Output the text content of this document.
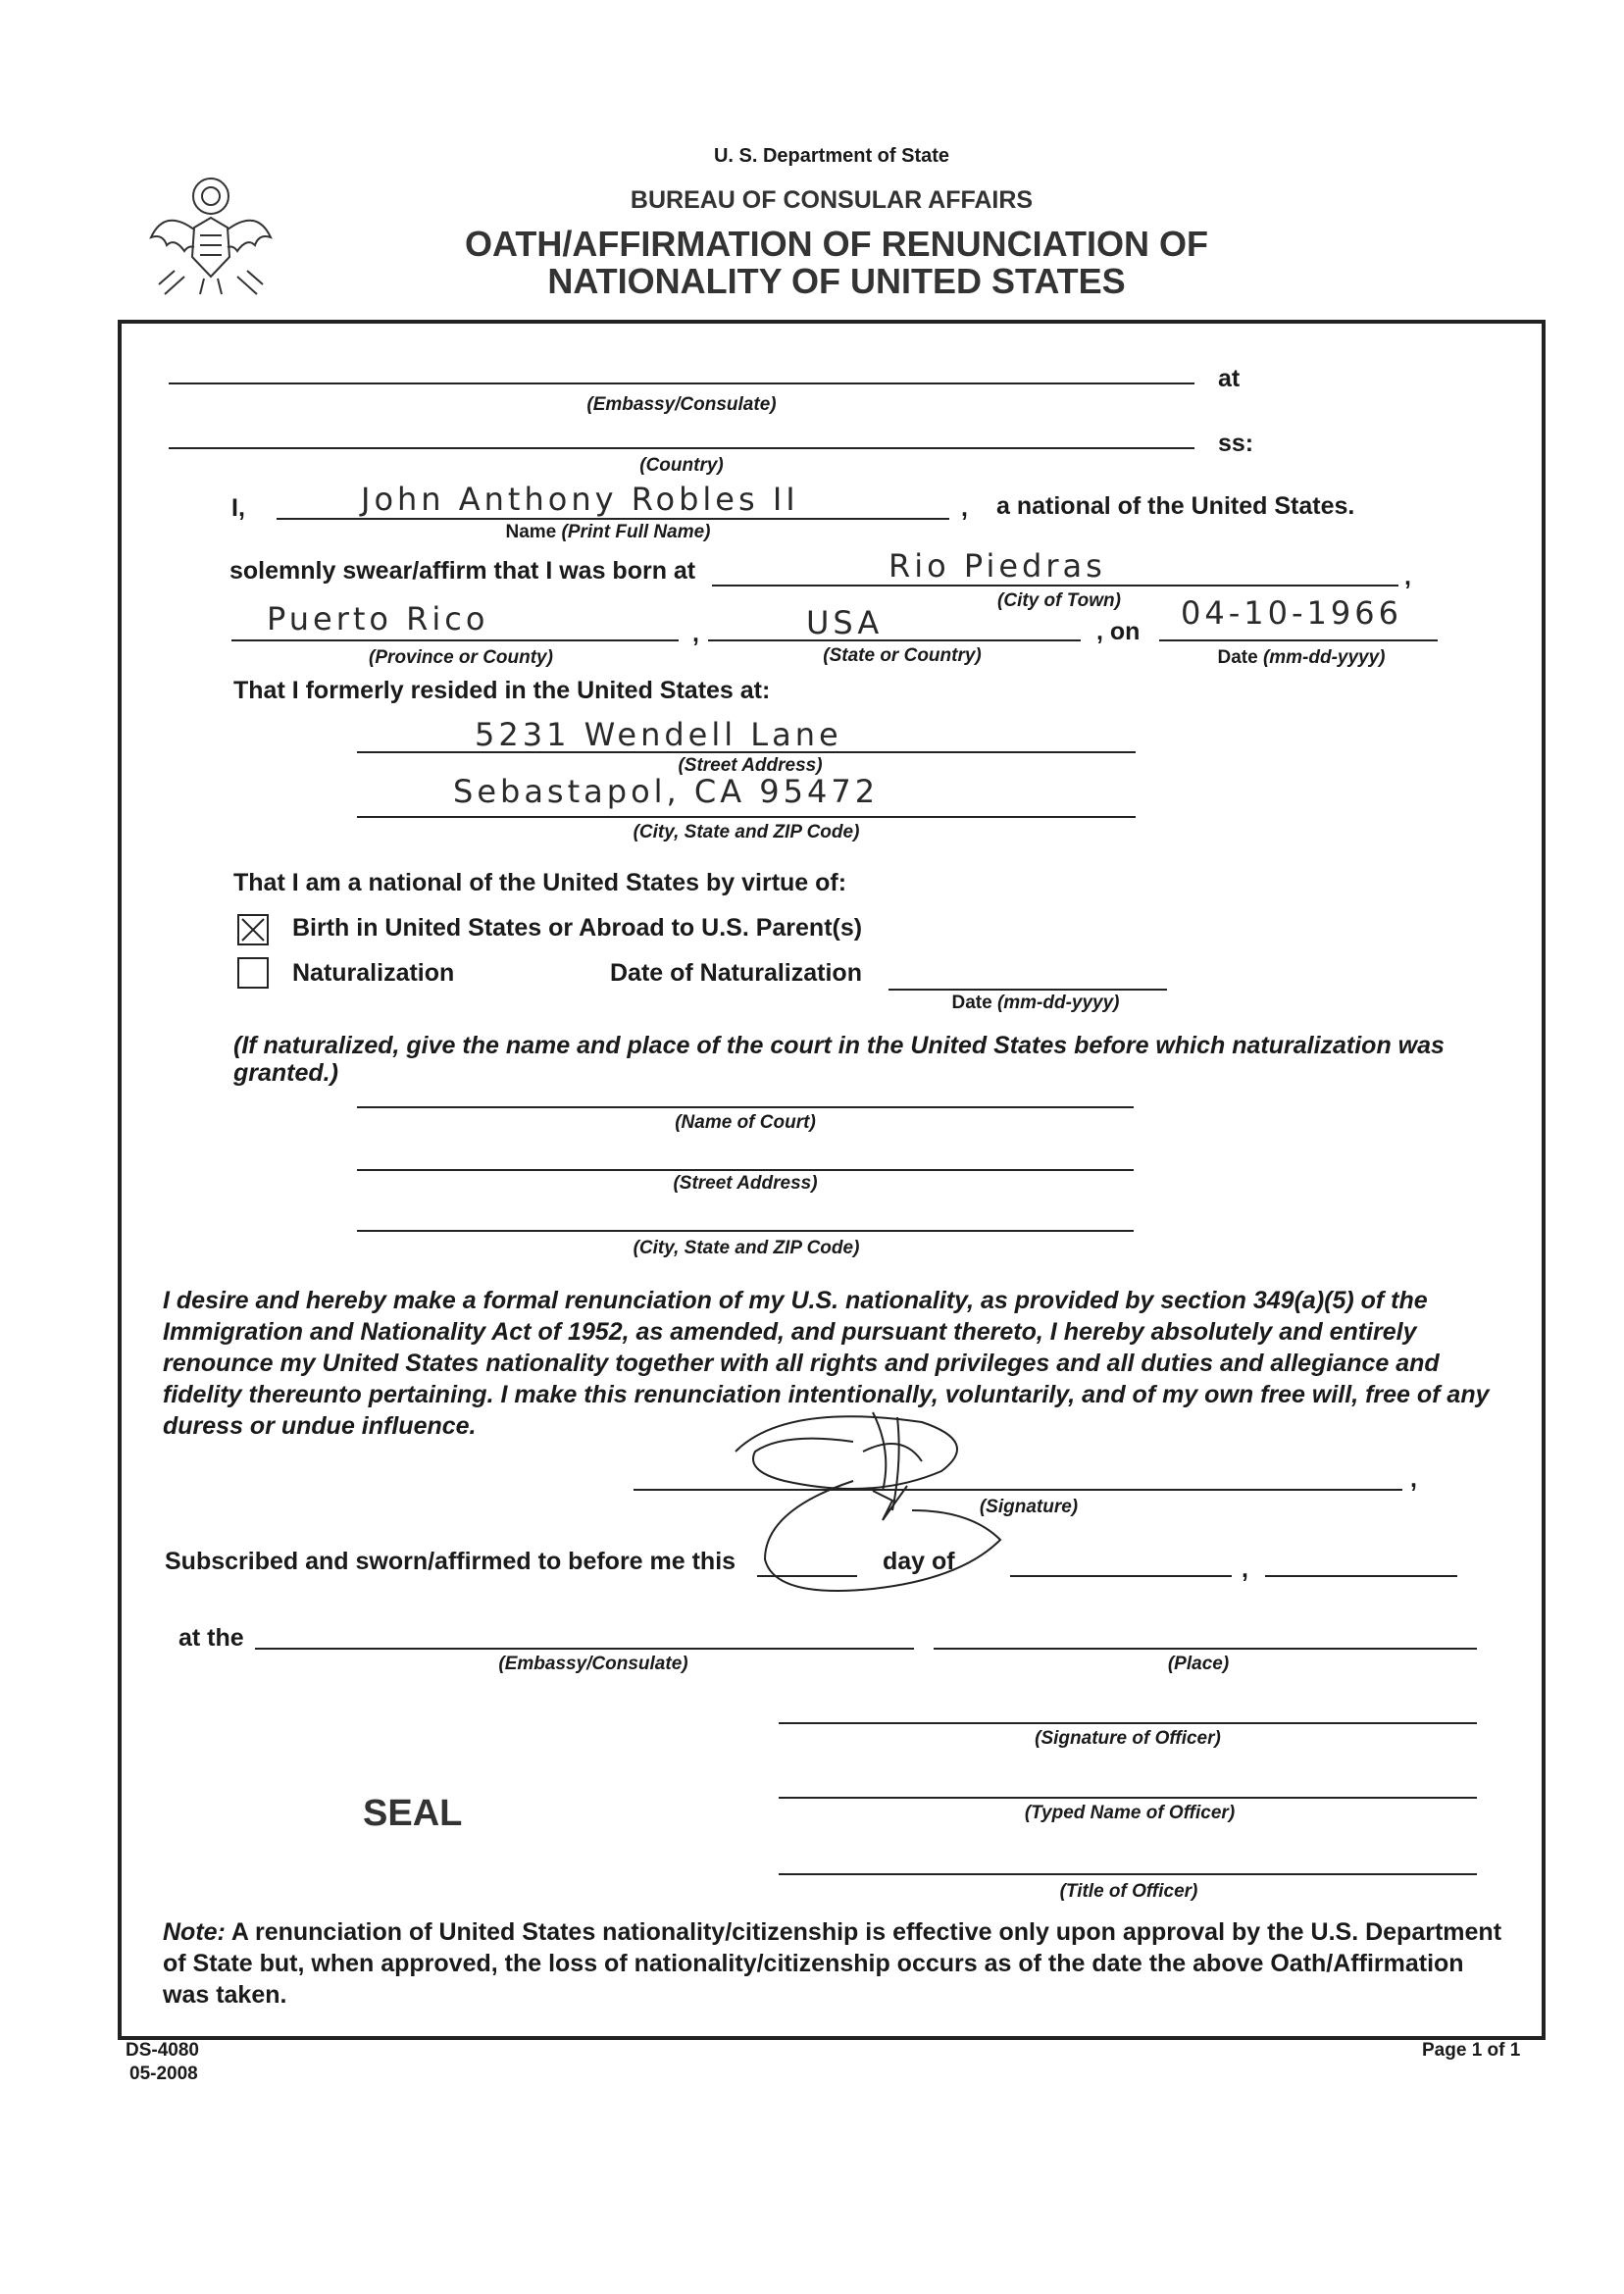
U. S. Department of State
BUREAU OF CONSULAR AFFAIRS
OATH/AFFIRMATION OF RENUNCIATION OF
NATIONALITY OF UNITED STATES
at
(Embassy/Consulate)
ss:
(Country)
I,	John Anthony Robles II	, a national of the United States.
Name (Print Full Name)
solemnly swear/affirm that I was born at	Rio Piedras	,
(City of Town)
Puerto Rico	,	USA	, on 04-10-1966
(Province or County)	(State or Country)	Date (mm-dd-yyyy)
That I formerly resided in the United States at:
5231 Wendell Lane
(Street Address)
Sebastapol, CA 95472
(City, State and ZIP Code)
That I am a national of the United States by virtue of:
Birth in United States or Abroad to U.S. Parent(s)
Naturalization	Date of Naturalization
Date (mm-dd-yyyy)
(If naturalized, give the name and place of the court in the United States before which naturalization was granted.)
(Name of Court)
(Street Address)
(City, State and ZIP Code)
I desire and hereby make a formal renunciation of my U.S. nationality, as provided by section 349(a)(5) of the Immigration and Nationality Act of 1952, as amended, and pursuant thereto, I hereby absolutely and entirely renounce my United States nationality together with all rights and privileges and all duties and allegiance and fidelity thereunto pertaining. I make this renunciation intentionally, voluntarily, and of my own free will, free of any duress or undue influence.
,
(Signature)
Subscribed and sworn/affirmed to before me this	day of	,
at the
(Embassy/Consulate)	(Place)
(Signature of Officer)
(Typed Name of Officer)
SEAL
(Title of Officer)
Note: A renunciation of United States nationality/citizenship is effective only upon approval by the U.S. Department of State but, when approved, the loss of nationality/citizenship occurs as of the date the above Oath/Affirmation was taken.
DS-4080
05-2008
Page 1 of 1
